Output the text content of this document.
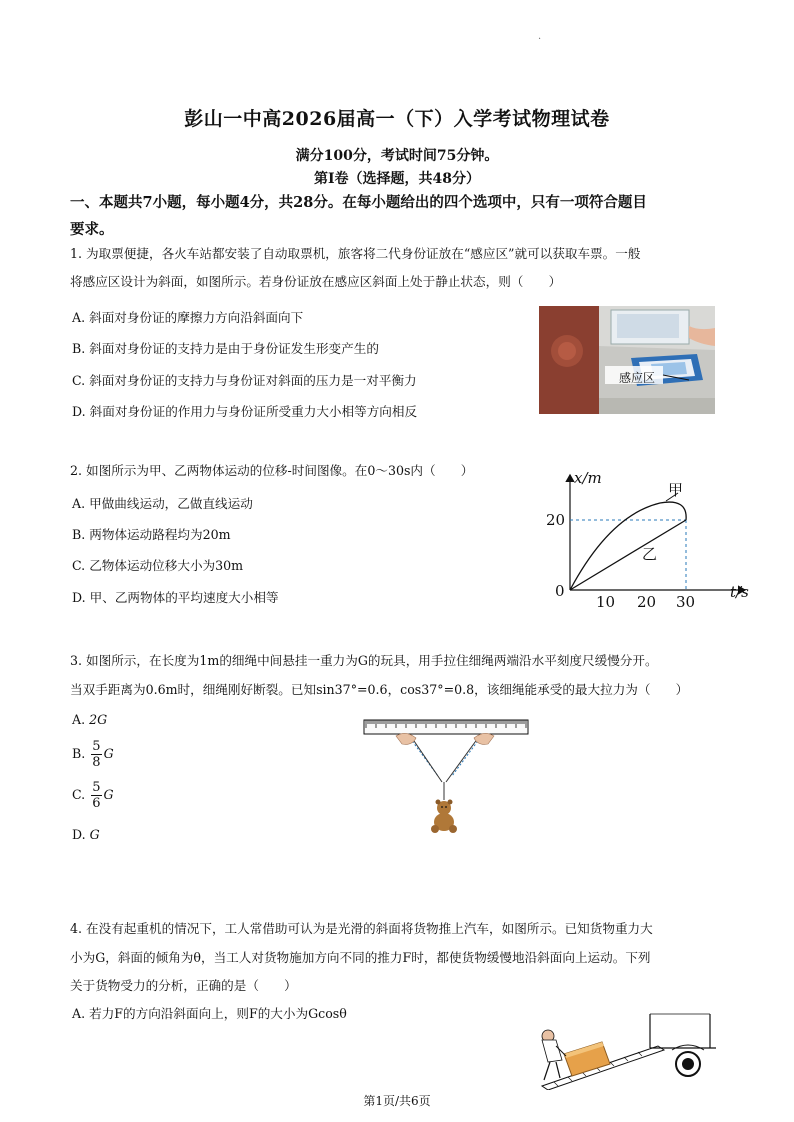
·
彭山一中高2026届高一（下）入学考试物理试卷
满分100分，考试时间75分钟。
第Ⅰ卷（选择题，共48分）
一、本题共7小题，每小题4分，共28分。在每小题给出的四个选项中，只有一项符合题目
要求。
1. 为取票便捷，各火车站都安装了自动取票机，旅客将二代身份证放在“感应区”就可以获取车票。一般
将感应区设计为斜面，如图所示。若身份证放在感应区斜面上处于静止状态，则（　　）
A. 斜面对身份证的摩擦力方向沿斜面向下
B. 斜面对身份证的支持力是由于身份证发生形变产生的
C. 斜面对身份证的支持力与身份证对斜面的压力是一对平衡力
D. 斜面对身份证的作用力与身份证所受重力大小相等方向相反
感应区
2. 如图所示为甲、乙两物体运动的位移-时间图像。在0～30s内（　　）
A. 甲做曲线运动，乙做直线运动
B. 两物体运动路程均为20m
C. 乙物体运动位移大小为30m
D. 甲、乙两物体的平均速度大小相等
x/m
t/s
0
20
10 20 30
甲
乙
3. 如图所示，在长度为1m的细绳中间悬挂一重力为G的玩具，用手拉住细绳两端沿水平刻度尺缓慢分开。
当双手距离为0.6m时，细绳刚好断裂。已知sin37°=0.6，cos37°=0.8，该细绳能承受的最大拉力为（　　）
A. 2G
B. $\frac{5}{8}$ G
C. $\frac{5}{6}$ G
D. G
4. 在没有起重机的情况下，工人常借助可认为是光滑的斜面将货物推上汽车，如图所示。已知货物重力大
小为G，斜面的倾角为θ，当工人对货物施加方向不同的推力F时，都使货物缓慢地沿斜面向上运动。下列
关于货物受力的分析，正确的是（　　）
A. 若力F的方向沿斜面向上，则F的大小为Gcosθ
第1页/共6页
